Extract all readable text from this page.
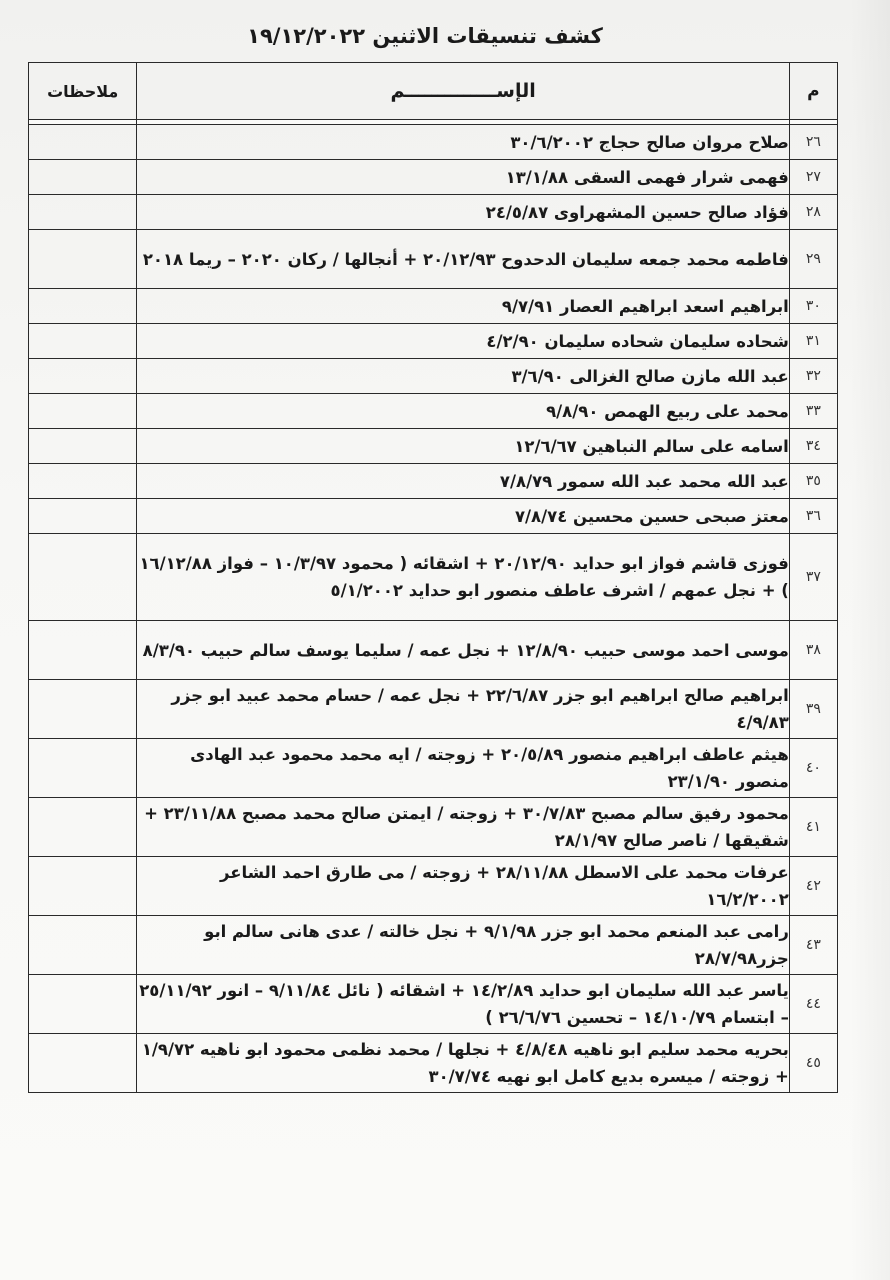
كشف تنسيقات الاثنين ١٩/١٢/٢٠٢٢
م	الإســــــــــــــم	ملاحظات

٢٦	صلاح مروان صالح حجاج ٣٠/٦/٢٠٠٢	
٢٧	فهمى شرار فهمى السقى ١٣/١/٨٨	
٢٨	فؤاد صالح حسين المشهراوى ٢٤/٥/٨٧	
٢٩	فاطمه محمد جمعه سليمان الدحدوح ٢٠/١٢/٩٣ + أنجالها / ركان ٢٠٢٠ – ريما ٢٠١٨	
٣٠	ابراهيم اسعد ابراهيم العصار ٩/٧/٩١	
٣١	شحاده سليمان شحاده سليمان ٤/٢/٩٠	
٣٢	عبد الله مازن صالح الغزالى ٣/٦/٩٠	
٣٣	محمد على ربيع الهمص ٩/٨/٩٠	
٣٤	اسامه على سالم النباهين ١٢/٦/٦٧	
٣٥	عبد الله محمد عبد الله سمور ٧/٨/٧٩	
٣٦	معتز صبحى حسين محسين ٧/٨/٧٤	
٣٧	فوزى قاشم فواز ابو حدايد ٢٠/١٢/٩٠ + اشقائه ( محمود ١٠/٣/٩٧ – فواز ١٦/١٢/٨٨ ) + نجل عمهم / اشرف عاطف منصور ابو حدايد ٥/١/٢٠٠٢	
٣٨	موسى احمد موسى حبيب ١٢/٨/٩٠ + نجل عمه / سليما يوسف سالم حبيب ٨/٣/٩٠	
٣٩	ابراهيم صالح ابراهيم ابو جزر ٢٢/٦/٨٧ + نجل عمه / حسام محمد عبيد ابو جزر ٤/٩/٨٣	
٤٠	هيثم عاطف ابراهيم منصور ٢٠/٥/٨٩ + زوجته / ايه محمد محمود عبد الهادى منصور ٢٣/١/٩٠	
٤١	محمود رفيق سالم مصبح ٣٠/٧/٨٣ + زوجته / ايمتن صالح محمد مصبح ٢٣/١١/٨٨ + شقيقها / ناصر صالح ٢٨/١/٩٧	
٤٢	عرفات محمد على الاسطل ٢٨/١١/٨٨ + زوجته / مى طارق احمد الشاعر ١٦/٢/٢٠٠٢	
٤٣	رامى عبد المنعم محمد ابو جزر ٩/١/٩٨ + نجل خالته / عدى هانى سالم ابو جزر٢٨/٧/٩٨	
٤٤	ياسر عبد الله سليمان ابو حدايد ١٤/٢/٨٩ + اشقائه ( نائل ٩/١١/٨٤ – انور ٢٥/١١/٩٢ – ابتسام ١٤/١٠/٧٩ – تحسين ٢٦/٦/٧٦ )	
٤٥	بحريه محمد سليم ابو ناهيه ٤/٨/٤٨ + نجلها / محمد نظمى محمود ابو ناهيه ١/٩/٧٢ + زوجته / ميسره بديع كامل ابو نهيه ٣٠/٧/٧٤	
